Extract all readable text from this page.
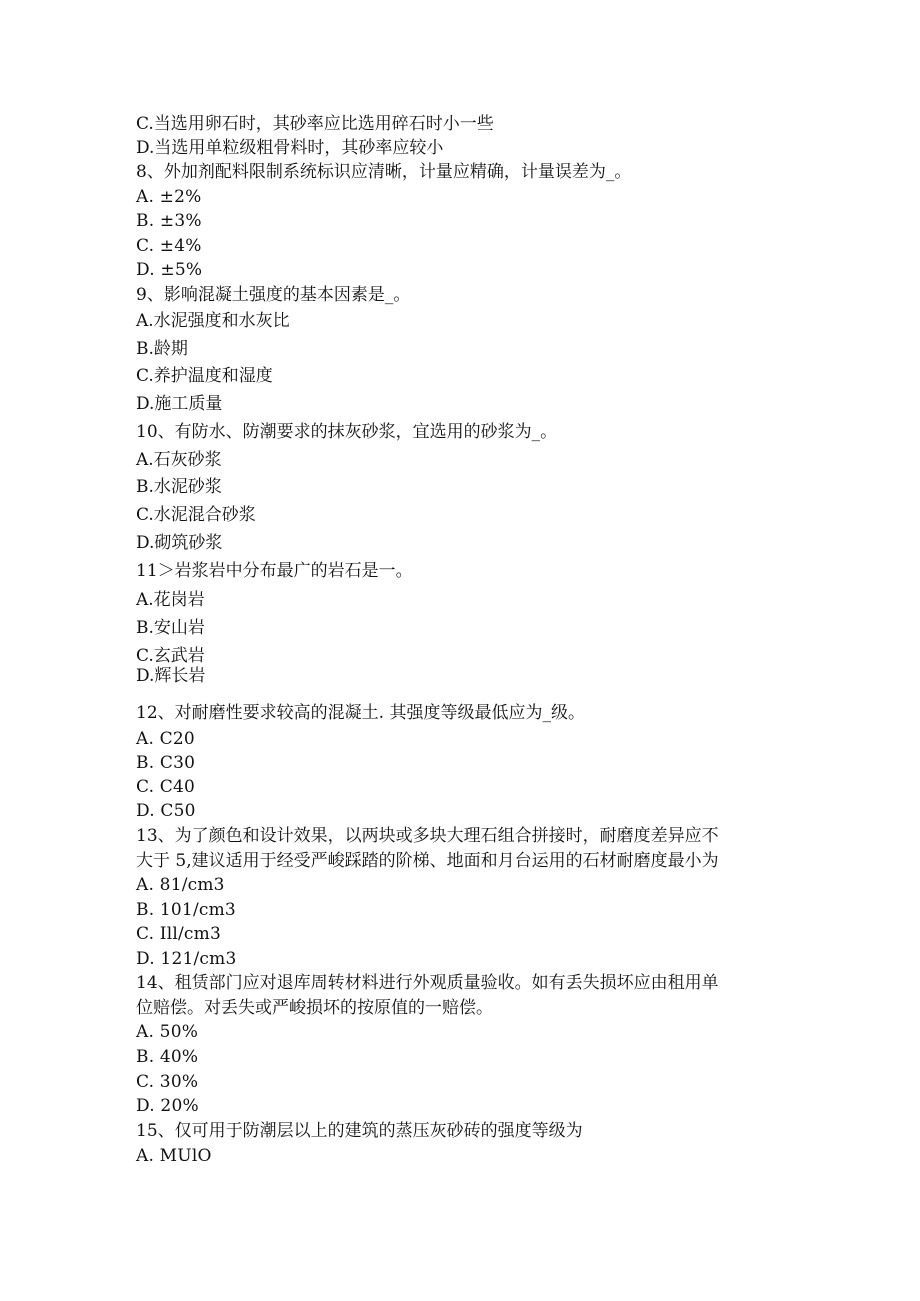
C.当选用卵石时，其砂率应比选用碎石时小一些
D.当选用单粒级粗骨料时，其砂率应较小
8、外加剂配料限制系统标识应清晰，计量应精确，计量误差为_。
A. ±2%
B. ±3%
C. ±4%
D. ±5%
9、影响混凝土强度的基本因素是_。
A.水泥强度和水灰比
B.龄期
C.养护温度和湿度
D.施工质量
10、有防水、防潮要求的抹灰砂浆，宜选用的砂浆为_。
A.石灰砂浆
B.水泥砂浆
C.水泥混合砂浆
D.砌筑砂浆
11＞岩浆岩中分布最广的岩石是一。
A.花岗岩
B.安山岩
C.玄武岩
D.辉长岩
12、对耐磨性要求较高的混凝土. 其强度等级最低应为_级。
A. C20
B. C30
C. C40
D. C50
13、为了颜色和设计效果，以两块或多块大理石组合拼接时，耐磨度差异应不
大于 5,建议适用于经受严峻踩踏的阶梯、地面和月台运用的石材耐磨度最小为
A. 81/cm3
B. 101/cm3
C. Ill/cm3
D. 121/cm3
14、租赁部门应对退库周转材料进行外观质量验收。如有丢失损坏应由租用单
位赔偿。对丢失或严峻损坏的按原值的一赔偿。
A. 50%
B. 40%
C. 30%
D. 20%
15、仅可用于防潮层以上的建筑的蒸压灰砂砖的强度等级为
A. MUlO
